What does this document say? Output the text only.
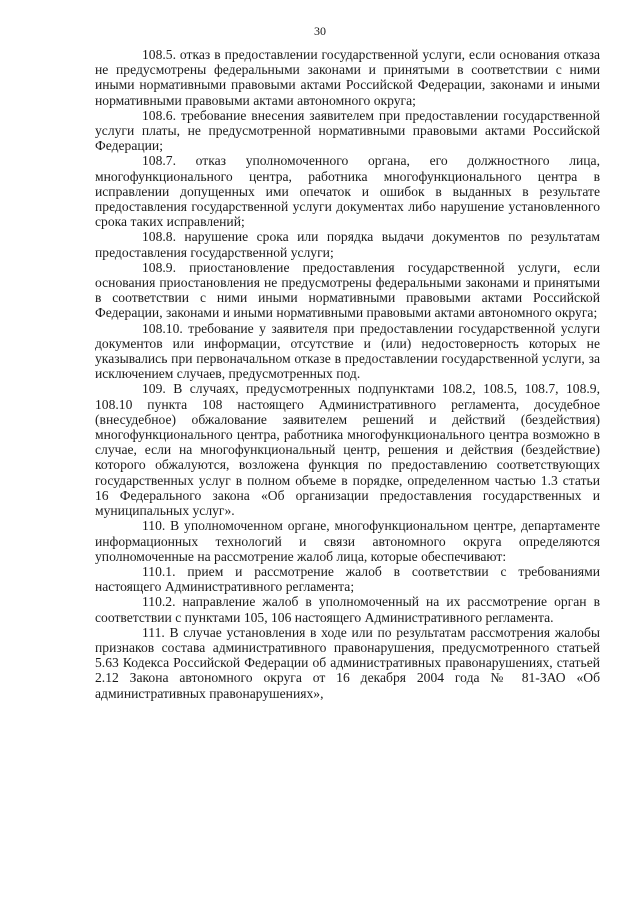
30

108.5. отказ в предоставлении государственной услуги, если основания отказа не предусмотрены федеральными законами и принятыми в соответствии с ними иными нормативными правовыми актами Российской Федерации, законами и иными нормативными правовыми актами автономного округа;

108.6. требование внесения заявителем при предоставлении государственной услуги платы, не предусмотренной нормативными правовыми актами Российской Федерации;

108.7. отказ уполномоченного органа, его должностного лица, многофункционального центра, работника многофункционального центра в исправлении допущенных ими опечаток и ошибок в выданных в результате предоставления государственной услуги документах либо нарушение установленного срока таких исправлений;

108.8. нарушение срока или порядка выдачи документов по результатам предоставления государственной услуги;

108.9. приостановление предоставления государственной услуги, если основания приостановления не предусмотрены федеральными законами и принятыми в соответствии с ними иными нормативными правовыми актами Российской Федерации, законами и иными нормативными правовыми актами автономного округа;

108.10. требование у заявителя при предоставлении государственной услуги документов или информации, отсутствие и (или) недостоверность которых не указывались при первоначальном отказе в предоставлении государственной услуги, за исключением случаев, предусмотренных под.

109. В случаях, предусмотренных подпунктами 108.2, 108.5, 108.7, 108.9, 108.10 пункта 108 настоящего Административного регламента, досудебное (внесудебное) обжалование заявителем решений и действий (бездействия) многофункционального центра, работника многофункционального центра возможно в случае, если на многофункциональный центр, решения и действия (бездействие) которого обжалуются, возложена функция по предоставлению соответствующих государственных услуг в полном объеме в порядке, определенном частью 1.3 статьи 16 Федерального закона «Об организации предоставления государственных и муниципальных услуг».

110. В уполномоченном органе, многофункциональном центре, департаменте информационных технологий и связи автономного округа определяются уполномоченные на рассмотрение жалоб лица, которые обеспечивают:

110.1. прием и рассмотрение жалоб в соответствии с требованиями настоящего Административного регламента;

110.2. направление жалоб в уполномоченный на их рассмотрение орган в соответствии с пунктами 105, 106 настоящего Административного регламента.

111. В случае установления в ходе или по результатам рассмотрения жалобы признаков состава административного правонарушения, предусмотренного статьей 5.63 Кодекса Российской Федерации об административных правонарушениях, статьей 2.12 Закона автономного округа от 16 декабря 2004 года № 81-ЗАО «Об административных правонарушениях»,
